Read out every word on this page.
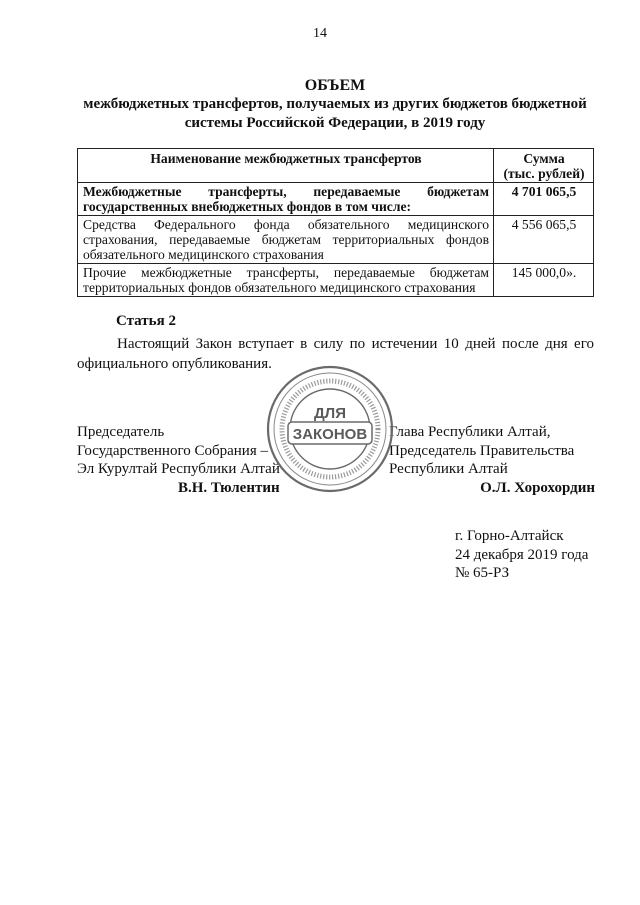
14
ОБЪЕМ
межбюджетных трансфертов, получаемых из других бюджетов бюджетной системы Российской Федерации, в 2019 году
Наименование межбюджетных трансфертов	Сумма
(тыс. рублей)

Межбюджетные трансферты, передаваемые бюджетам государственных внебюджетных фондов в том числе:	4 701 065,5
Средства Федерального фонда обязательного медицинского страхования, передаваемые бюджетам территориальных фондов обязательного медицинского страхования	4 556 065,5
Прочие межбюджетные трансферты, передаваемые бюджетам территориальных фондов обязательного медицинского страхования	145 000,0».
Статья 2
Настоящий Закон вступает в силу по истечении 10 дней после дня его официального опубликования.
Председатель
Государственного Собрания –
Эл Курултай Республики Алтай
В.Н. Тюлентин
Глава Республики Алтай,
Председатель Правительства
Республики Алтай
О.Л. Хорохордин
ДЛЯ
ЗАКОНОВ
г. Горно-Алтайск
24 декабря 2019 года
№ 65-РЗ
